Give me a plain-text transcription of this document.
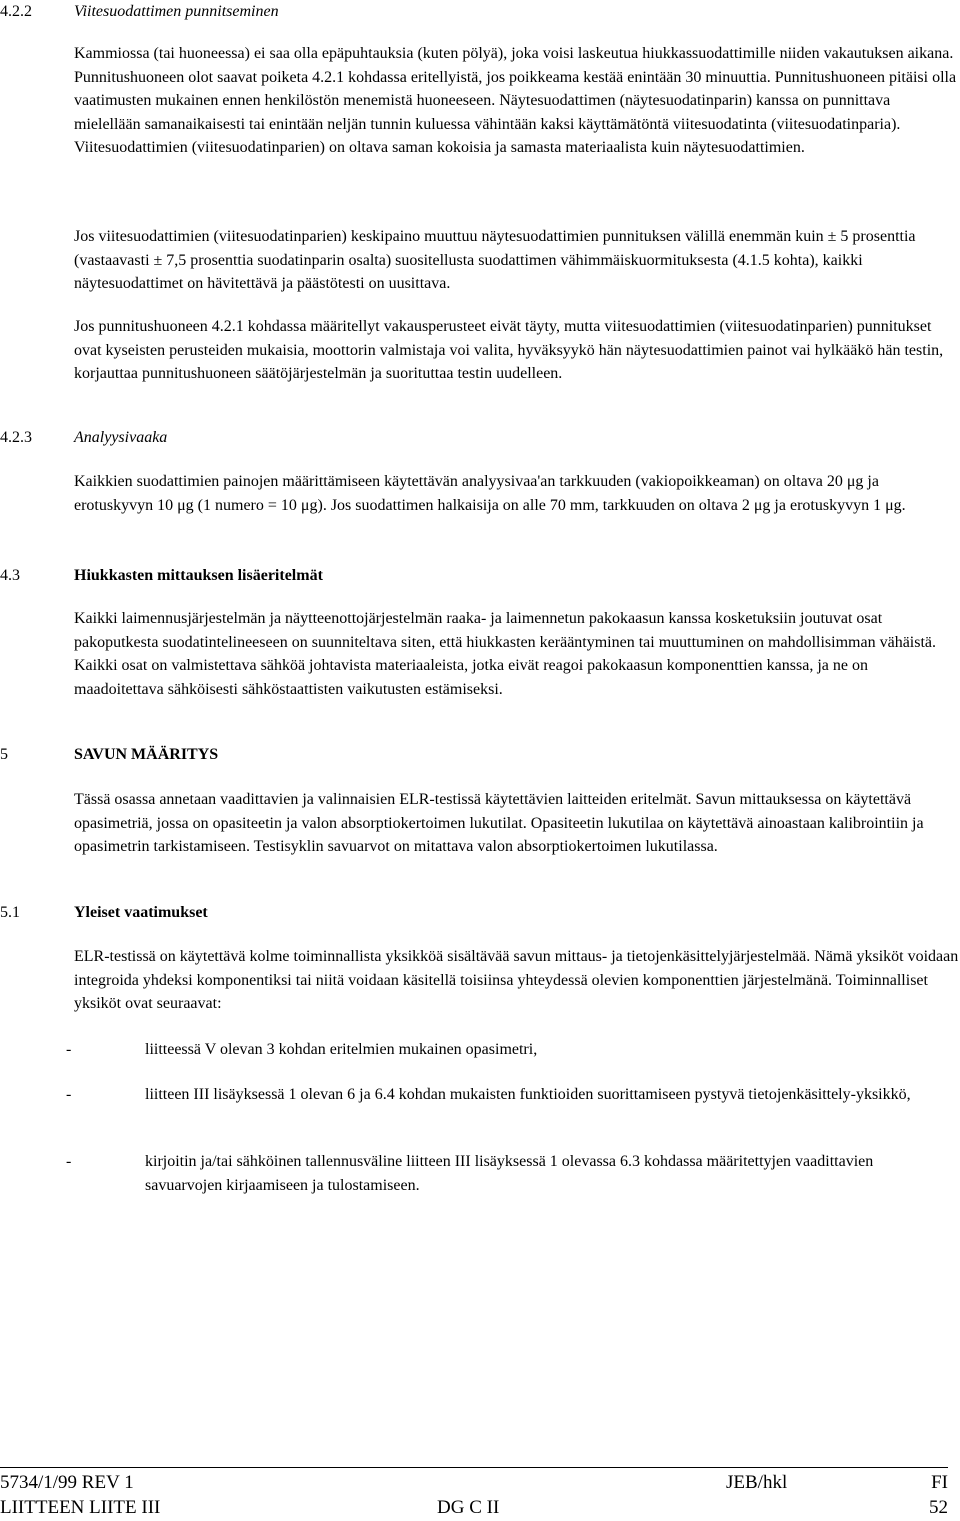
4.2.2	Viitesuodattimen punnitseminen

Kammiossa (tai huoneessa) ei saa olla epäpuhtauksia (kuten pölyä), joka voisi laskeutua hiukkassuodattimille niiden vakautuksen aikana. Punnitushuoneen olot saavat poiketa 4.2.1 kohdassa eritellyistä, jos poikkeama kestää enintään 30 minuuttia. Punnitushuoneen pitäisi olla vaatimusten mukainen ennen henkilöstön menemistä huoneeseen. Näytesuodattimen (näytesuodatinparin) kanssa on punnittava mielellään samanaikaisesti tai enintään neljän tunnin kuluessa vähintään kaksi käyttämätöntä viitesuodatinta (viitesuodatinparia). Viitesuodattimien (viitesuodatinparien) on oltava saman kokoisia ja samasta materiaalista kuin näytesuodattimien.

Jos viitesuodattimien (viitesuodatinparien) keskipaino muuttuu näytesuodattimien punnituksen välillä enemmän kuin ± 5 prosenttia (vastaavasti ± 7,5 prosenttia suodatinparin osalta) suositellusta suodattimen vähimmäiskuormituksesta (4.1.5 kohta), kaikki näytesuodattimet on hävitettävä ja päästötesti on uusittava.

Jos punnitushuoneen 4.2.1 kohdassa määritellyt vakausperusteet eivät täyty, mutta viitesuodattimien (viitesuodatinparien) punnitukset ovat kyseisten perusteiden mukaisia, moottorin valmistaja voi valita, hyväksyykö hän näytesuodattimien painot vai hylkääkö hän testin, korjauttaa punnitushuoneen säätöjärjestelmän ja suorituttaa testin uudelleen.

4.2.3	Analyysivaaka

Kaikkien suodattimien painojen määrittämiseen käytettävän analyysivaa'an tarkkuuden (vakiopoikkeaman) on oltava 20 μg ja erotuskyvyn 10 μg (1 numero = 10 μg). Jos suodattimen halkaisija on alle 70 mm, tarkkuuden on oltava 2 μg ja erotuskyvyn 1 μg.

4.3	Hiukkasten mittauksen lisäeritelmät

Kaikki laimennusjärjestelmän ja näytteenottojärjestelmän raaka- ja laimennetun pakokaasun kanssa kosketuksiin joutuvat osat pakoputkesta suodatintelineeseen on suunniteltava siten, että hiukkasten kerääntyminen tai muuttuminen on mahdollisimman vähäistä. Kaikki osat on valmistettava sähköä johtavista materiaaleista, jotka eivät reagoi pakokaasun komponenttien kanssa, ja ne on maadoitettava sähköisesti sähköstaattisten vaikutusten estämiseksi.

5	SAVUN MÄÄRITYS

Tässä osassa annetaan vaadittavien ja valinnaisien ELR-testissä käytettävien laitteiden eritelmät. Savun mittauksessa on käytettävä opasimetriä, jossa on opasiteetin ja valon absorptiokertoimen lukutilat. Opasiteetin lukutilaa on käytettävä ainoastaan kalibrointiin ja opasimetrin tarkistamiseen. Testisyklin savuarvot on mitattava valon absorptiokertoimen lukutilassa.

5.1	Yleiset vaatimukset

ELR-testissä on käytettävä kolme toiminnallista yksikköä sisältävää savun mittaus- ja tietojenkäsittelyjärjestelmää. Nämä yksiköt voidaan integroida yhdeksi komponentiksi tai niitä voidaan käsitellä toisiinsa yhteydessä olevien komponenttien järjestelmänä. Toiminnalliset yksiköt ovat seuraavat:

-	liitteessä V olevan 3 kohdan eritelmien mukainen opasimetri,
-	liitteen III lisäyksessä 1 olevan 6 ja 6.4 kohdan mukaisten funktioiden suorittamiseen pystyvä tietojenkäsittely-yksikkö,
-	kirjoitin ja/tai sähköinen tallennusväline liitteen III lisäyksessä 1 olevassa 6.3 kohdassa määritettyjen vaadittavien savuarvojen kirjaamiseen ja tulostamiseen.
5734/1/99 REV 1	JEB/hkl	FI
LIITTEEN LIITE III	DG C II	52
